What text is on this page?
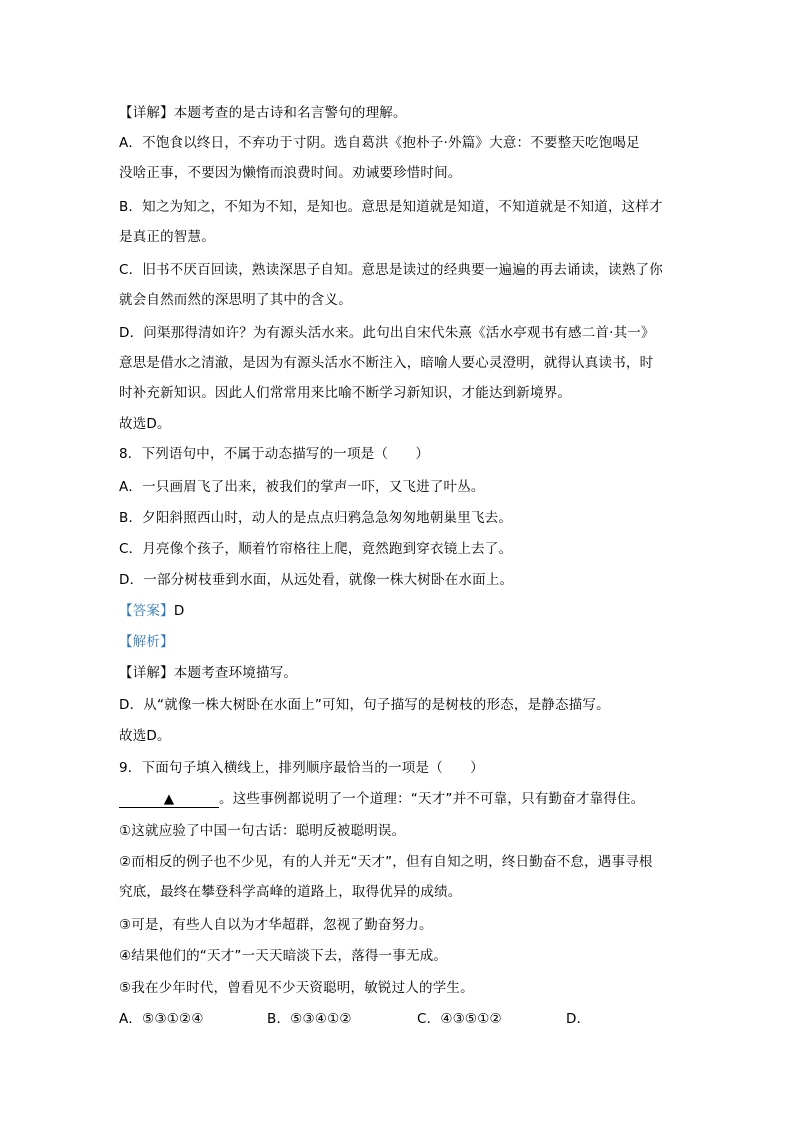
【详解】本题考查的是古诗和名言警句的理解。
A．不饱食以终日，不弃功于寸阴。选自葛洪《抱朴子·外篇》大意：不要整天吃饱喝足
没啥正事，不要因为懒惰而浪费时间。劝诫要珍惜时间。
B．知之为知之，不知为不知，是知也。意思是知道就是知道，不知道就是不知道，这样才
是真正的智慧。
C．旧书不厌百回读，熟读深思子自知。意思是读过的经典要一遍遍的再去诵读，读熟了你
就会自然而然的深思明了其中的含义。
D．问渠那得清如许？为有源头活水来。此句出自宋代朱熹《活水亭观书有感二首·其一》
意思是借水之清澈，是因为有源头活水不断注入，暗喻人要心灵澄明，就得认真读书，时
时补充新知识。因此人们常常用来比喻不断学习新知识，才能达到新境界。
故选D。
8．下列语句中，不属于动态描写的一项是（　　）
A．一只画眉飞了出来，被我们的掌声一吓，又飞进了叶丛。
B．夕阳斜照西山时，动人的是点点归鸦急急匆匆地朝巢里飞去。
C．月亮像个孩子，顺着竹帘格往上爬，竟然跑到穿衣镜上去了。
D．一部分树枝垂到水面，从远处看，就像一株大树卧在水面上。
【答案】D
【解析】
【详解】本题考查环境描写。
D．从“就像一株大树卧在水面上”可知，句子描写的是树枝的形态，是静态描写。
故选D。
9．下面句子填入横线上，排列顺序最恰当的一项是（　　）
▲	。这些事例都说明了一个道理：“天才”并不可靠，只有勤奋才靠得住。
①这就应验了中国一句古话：聪明反被聪明误。
②而相反的例子也不少见，有的人并无“天才”，但有自知之明，终日勤奋不怠，遇事寻根
究底，最终在攀登科学高峰的道路上，取得优异的成绩。
③可是，有些人自以为才华超群，忽视了勤奋努力。
④结果他们的“天才”一天天暗淡下去，落得一事无成。
⑤我在少年时代，曾看见不少天资聪明，敏锐过人的学生。
A．⑤③①②④	B．⑤③④①②	C．④③⑤①②	D．
